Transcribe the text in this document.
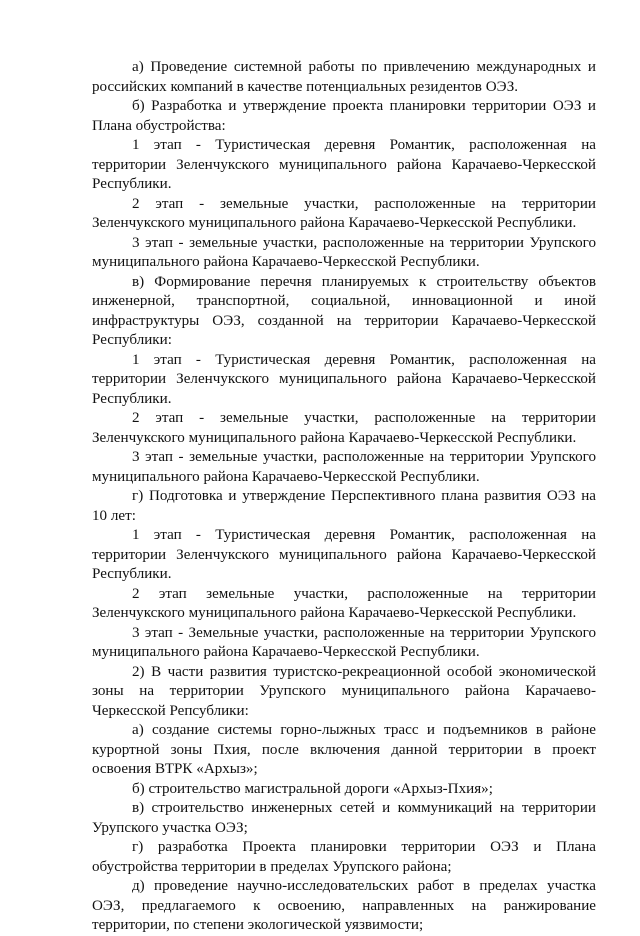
а) Проведение системной работы по привлечению международных и российских компаний в качестве потенциальных резидентов ОЭЗ.

б) Разработка и утверждение проекта планировки территории ОЭЗ и Плана обустройства:

1 этап - Туристическая деревня Романтик, расположенная на территории Зеленчукского муниципального района Карачаево-Черкесской Республики.

2 этап - земельные участки, расположенные на территории Зеленчукского муниципального района Карачаево-Черкесской Республики.

3 этап - земельные участки, расположенные на территории Урупского муниципального района Карачаево-Черкесской Республики.

в) Формирование перечня планируемых к строительству объектов инженерной, транспортной, социальной, инновационной и иной инфраструктуры ОЭЗ, созданной на территории Карачаево-Черкесской Республики:

1 этап - Туристическая деревня Романтик, расположенная на территории Зеленчукского муниципального района Карачаево-Черкесской Республики.

2 этап - земельные участки, расположенные на территории Зеленчукского муниципального района Карачаево-Черкесской Республики.

3 этап - земельные участки, расположенные на территории Урупского муниципального района Карачаево-Черкесской Республики.

г) Подготовка и утверждение Перспективного плана развития ОЭЗ на 10 лет:

1 этап - Туристическая деревня Романтик, расположенная на территории Зеленчукского муниципального района Карачаево-Черкесской Республики.

2 этап земельные участки, расположенные на территории Зеленчукского муниципального района Карачаево-Черкесской Республики.

3 этап - Земельные участки, расположенные на территории Урупского муниципального района Карачаево-Черкесской Республики.

2) В части развития туристско-рекреационной особой экономической зоны на территории Урупского муниципального района Карачаево-Черкесской Репсублики:

а) создание системы горно-лыжных трасс и подъемников в районе курортной зоны Пхия, после включения данной территории в проект освоения ВТРК «Архыз»;

б) строительство магистральной дороги «Архыз-Пхия»;

в) строительство инженерных сетей и коммуникаций на территории Урупского участка ОЭЗ;

г) разработка Проекта планировки территории ОЭЗ и Плана обустройства территории в пределах Урупского района;

д) проведение научно-исследовательских работ в пределах участка ОЭЗ, предлагаемого к освоению, направленных на ранжирование территории, по степени экологической уязвимости;
